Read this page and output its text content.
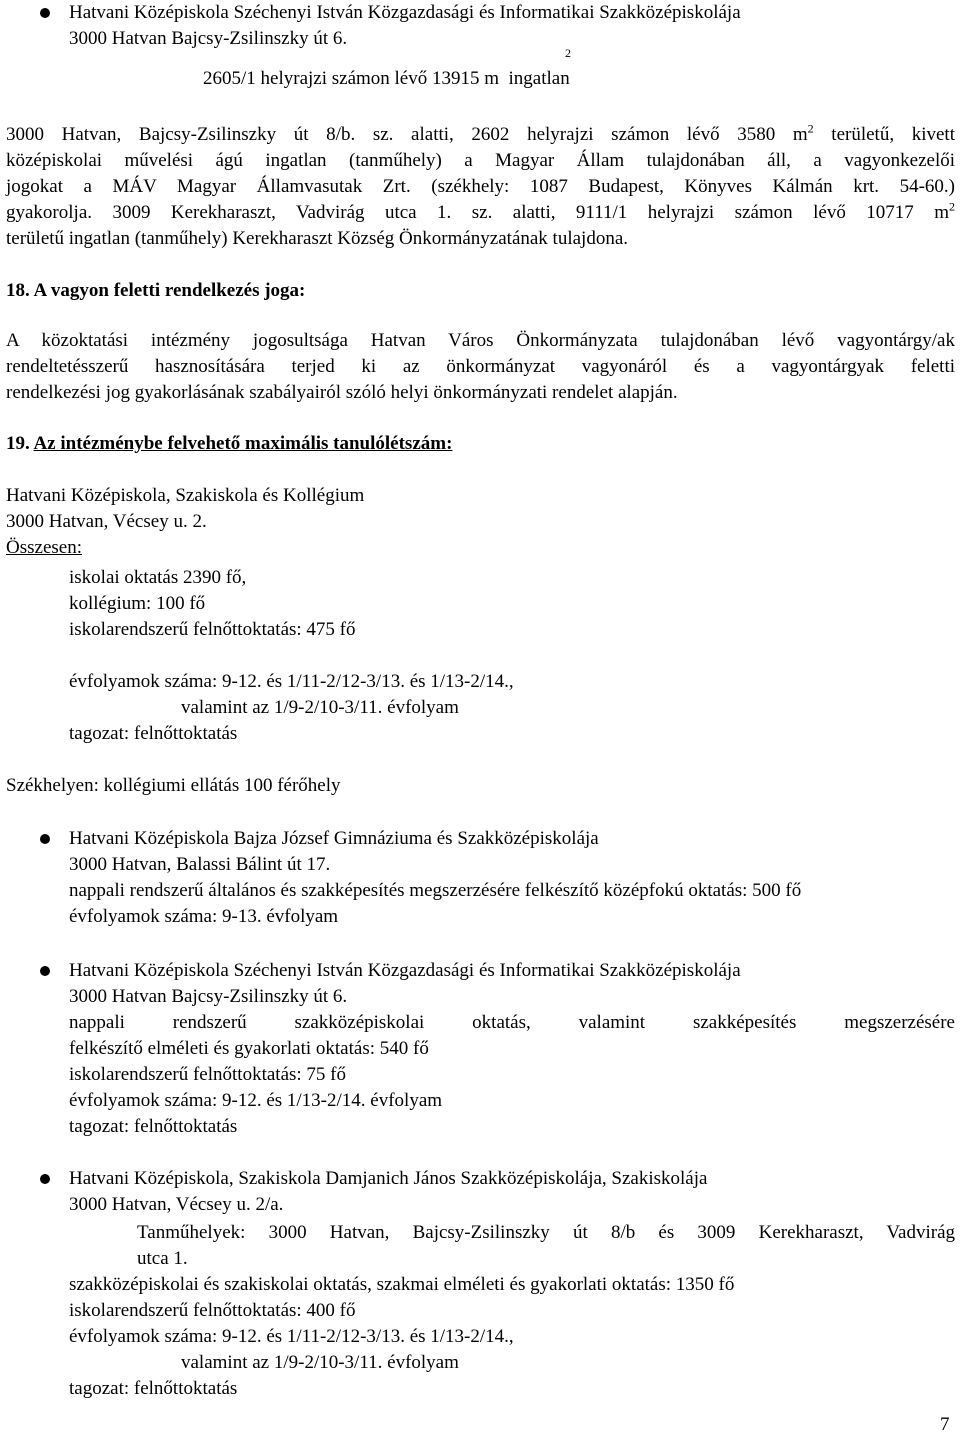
Hatvani Középiskola Széchenyi István Közgazdasági és Informatikai Szakközépiskolája
3000 Hatvan Bajcsy-Zsilinszky út 6.
2
2605/1 helyrajzi számon lévő 13915 m ingatlan
3000 Hatvan, Bajcsy-Zsilinszky út 8/b. sz. alatti, 2602 helyrajzi számon lévő 3580 $m^2$ területű, kivett
középiskolai művelési ágú ingatlan (tanműhely) a Magyar Állam tulajdonában áll, a vagyonkezelői
jogokat a MÁV Magyar Államvasutak Zrt. (székhely: 1087 Budapest, Könyves Kálmán krt. 54-60.)
gyakorolja. 3009 Kerekharaszt, Vadvirág utca 1. sz. alatti, 9111/1 helyrajzi számon lévő 10717 $m^2$
területű ingatlan (tanműhely) Kerekharaszt Község Önkormányzatának tulajdona.
18. A vagyon feletti rendelkezés joga:
A közoktatási intézmény jogosultsága Hatvan Város Önkormányzata tulajdonában lévő vagyontárgy/ak
rendeltetésszerű hasznosítására terjed ki az önkormányzat vagyonáról és a vagyontárgyak feletti
rendelkezési jog gyakorlásának szabályairól szóló helyi önkormányzati rendelet alapján.
19. Az intézménybe felvehető maximális tanulólétszám:
Hatvani Középiskola, Szakiskola és Kollégium
3000 Hatvan, Vécsey u. 2.
Összesen:
iskolai oktatás 2390 fő,
kollégium: 100 fő
iskolarendszerű felnőttoktatás: 475 fő
évfolyamok száma: 9-12. és 1/11-2/12-3/13. és 1/13-2/14.,
valamint az 1/9-2/10-3/11. évfolyam
tagozat: felnőttoktatás
Székhelyen: kollégiumi ellátás 100 férőhely
Hatvani Középiskola Bajza József Gimnáziuma és Szakközépiskolája
3000 Hatvan, Balassi Bálint út 17.
nappali rendszerű általános és szakképesítés megszerzésére felkészítő középfokú oktatás: 500 fő
évfolyamok száma: 9-13. évfolyam
Hatvani Középiskola Széchenyi István Közgazdasági és Informatikai Szakközépiskolája
3000 Hatvan Bajcsy-Zsilinszky út 6.
nappali rendszerű szakközépiskolai oktatás, valamint szakképesítés megszerzésére
felkészítő elméleti és gyakorlati oktatás: 540 fő
iskolarendszerű felnőttoktatás: 75 fő
évfolyamok száma: 9-12. és 1/13-2/14. évfolyam
tagozat: felnőttoktatás
Hatvani Középiskola, Szakiskola Damjanich János Szakközépiskolája, Szakiskolája
3000 Hatvan, Vécsey u. 2/a.
Tanműhelyek: 3000 Hatvan, Bajcsy-Zsilinszky út 8/b és 3009 Kerekharaszt, Vadvirág
utca 1.
szakközépiskolai és szakiskolai oktatás, szakmai elméleti és gyakorlati oktatás: 1350 fő
iskolarendszerű felnőttoktatás: 400 fő
évfolyamok száma: 9-12. és 1/11-2/12-3/13. és 1/13-2/14.,
valamint az 1/9-2/10-3/11. évfolyam
tagozat: felnőttoktatás
7
